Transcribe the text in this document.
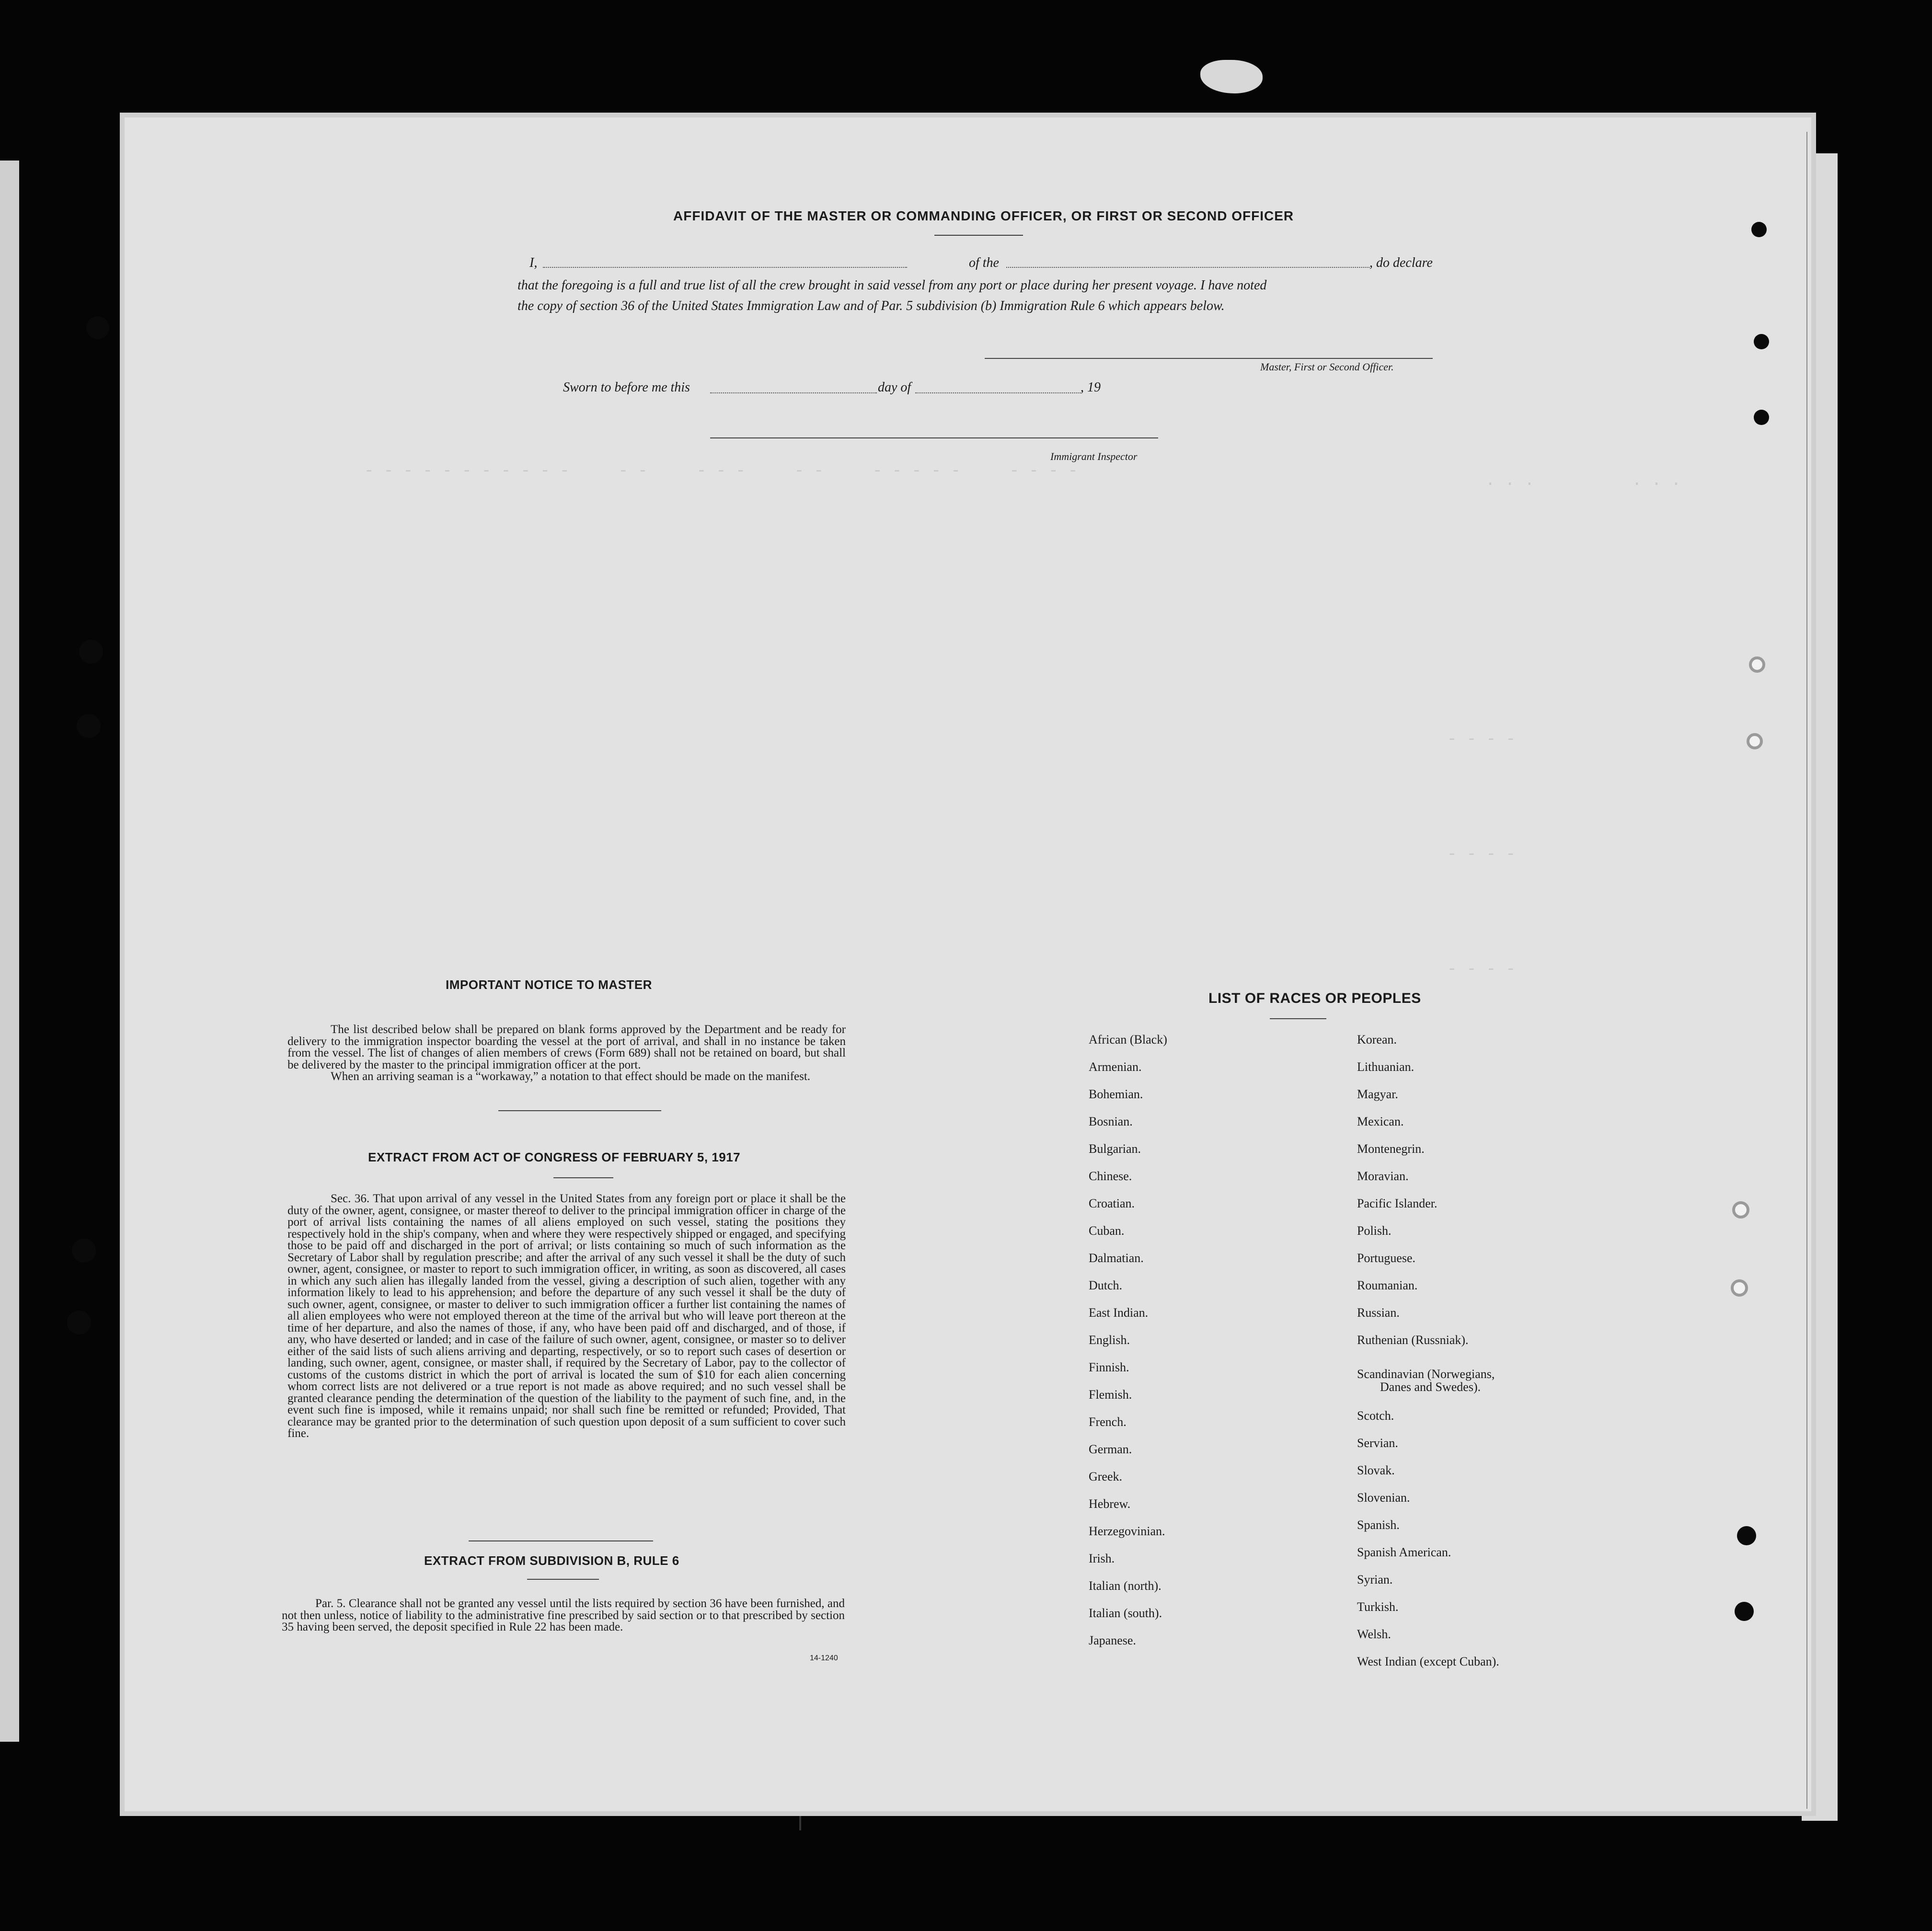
- - - - - - - - - - -     - -     - - -     - -     - - - - -     - - - -
. . .          . . .
- - - -
- - - -
- - - -
AFFIDAVIT OF THE MASTER OR COMMANDING OFFICER, OR FIRST OR SECOND OFFICER
I,	of the	, do declare
that the foregoing is a full and true list of all the crew brought in said vessel from any port or place during her present voyage. I have noted
the copy of section 36 of the United States Immigration Law and of Par. 5 subdivision (b) Immigration Rule 6 which appears below.
Master, First or Second Officer.
Sworn to before me this	day of	, 19
Immigrant Inspector
IMPORTANT NOTICE TO MASTER
The list described below shall be prepared on blank forms approved by the Department and be ready for delivery to the immigration inspector boarding the vessel at the port of arrival, and shall in no instance be taken from the vessel. The list of changes of alien members of crews (Form 689) shall not be retained on board, but shall be delivered by the master to the principal immigration officer at the port.
When an arriving seaman is a “workaway,” a notation to that effect should be made on the manifest.
EXTRACT FROM ACT OF CONGRESS OF FEBRUARY 5, 1917
Sec. 36. That upon arrival of any vessel in the United States from any foreign port or place it shall be the duty of the owner, agent, consignee, or master thereof to deliver to the principal immigration officer in charge of the port of arrival lists containing the names of all aliens employed on such vessel, stating the positions they respectively hold in the ship's company, when and where they were respectively shipped or engaged, and specifying those to be paid off and discharged in the port of arrival; or lists containing so much of such information as the Secretary of Labor shall by regulation prescribe; and after the arrival of any such vessel it shall be the duty of such owner, agent, consignee, or master to report to such immigration officer, in writing, as soon as discovered, all cases in which any such alien has illegally landed from the vessel, giving a description of such alien, together with any information likely to lead to his apprehension; and before the departure of any such vessel it shall be the duty of such owner, agent, consignee, or master to deliver to such immigration officer a further list containing the names of all alien employees who were not employed thereon at the time of the arrival but who will leave port thereon at the time of her departure, and also the names of those, if any, who have been paid off and discharged, and of those, if any, who have deserted or landed; and in case of the failure of such owner, agent, consignee, or master so to deliver either of the said lists of such aliens arriving and departing, respectively, or so to report such cases of desertion or landing, such owner, agent, consignee, or master shall, if required by the Secretary of Labor, pay to the collector of customs of the customs district in which the port of arrival is located the sum of $10 for each alien concerning whom correct lists are not delivered or a true report is not made as above required; and no such vessel shall be granted clearance pending the determination of the question of the liability to the payment of such fine, and, in the event such fine is imposed, while it remains unpaid; nor shall such fine be remitted or refunded; Provided, That clearance may be granted prior to the determination of such question upon deposit of a sum sufficient to cover such fine.
EXTRACT FROM SUBDIVISION B, RULE 6
Par. 5. Clearance shall not be granted any vessel until the lists required by section 36 have been furnished, and not then unless, notice of liability to the administrative fine prescribed by said section or to that prescribed by section 35 having been served, the deposit specified in Rule 22 has been made.
14-1240
LIST OF RACES OR PEOPLES
African (Black)
Armenian.
Bohemian.
Bosnian.
Bulgarian.
Chinese.
Croatian.
Cuban.
Dalmatian.
Dutch.
East Indian.
English.
Finnish.
Flemish.
French.
German.
Greek.
Hebrew.
Herzegovinian.
Irish.
Italian (north).
Italian (south).
Japanese.
Korean.
Lithuanian.
Magyar.
Mexican.
Montenegrin.
Moravian.
Pacific Islander.
Polish.
Portuguese.
Roumanian.
Russian.
Ruthenian (Russniak).
Scandinavian (Norwegians,
Danes and Swedes).
Scotch.
Servian.
Slovak.
Slovenian.
Spanish.
Spanish American.
Syrian.
Turkish.
Welsh.
West Indian (except Cuban).
